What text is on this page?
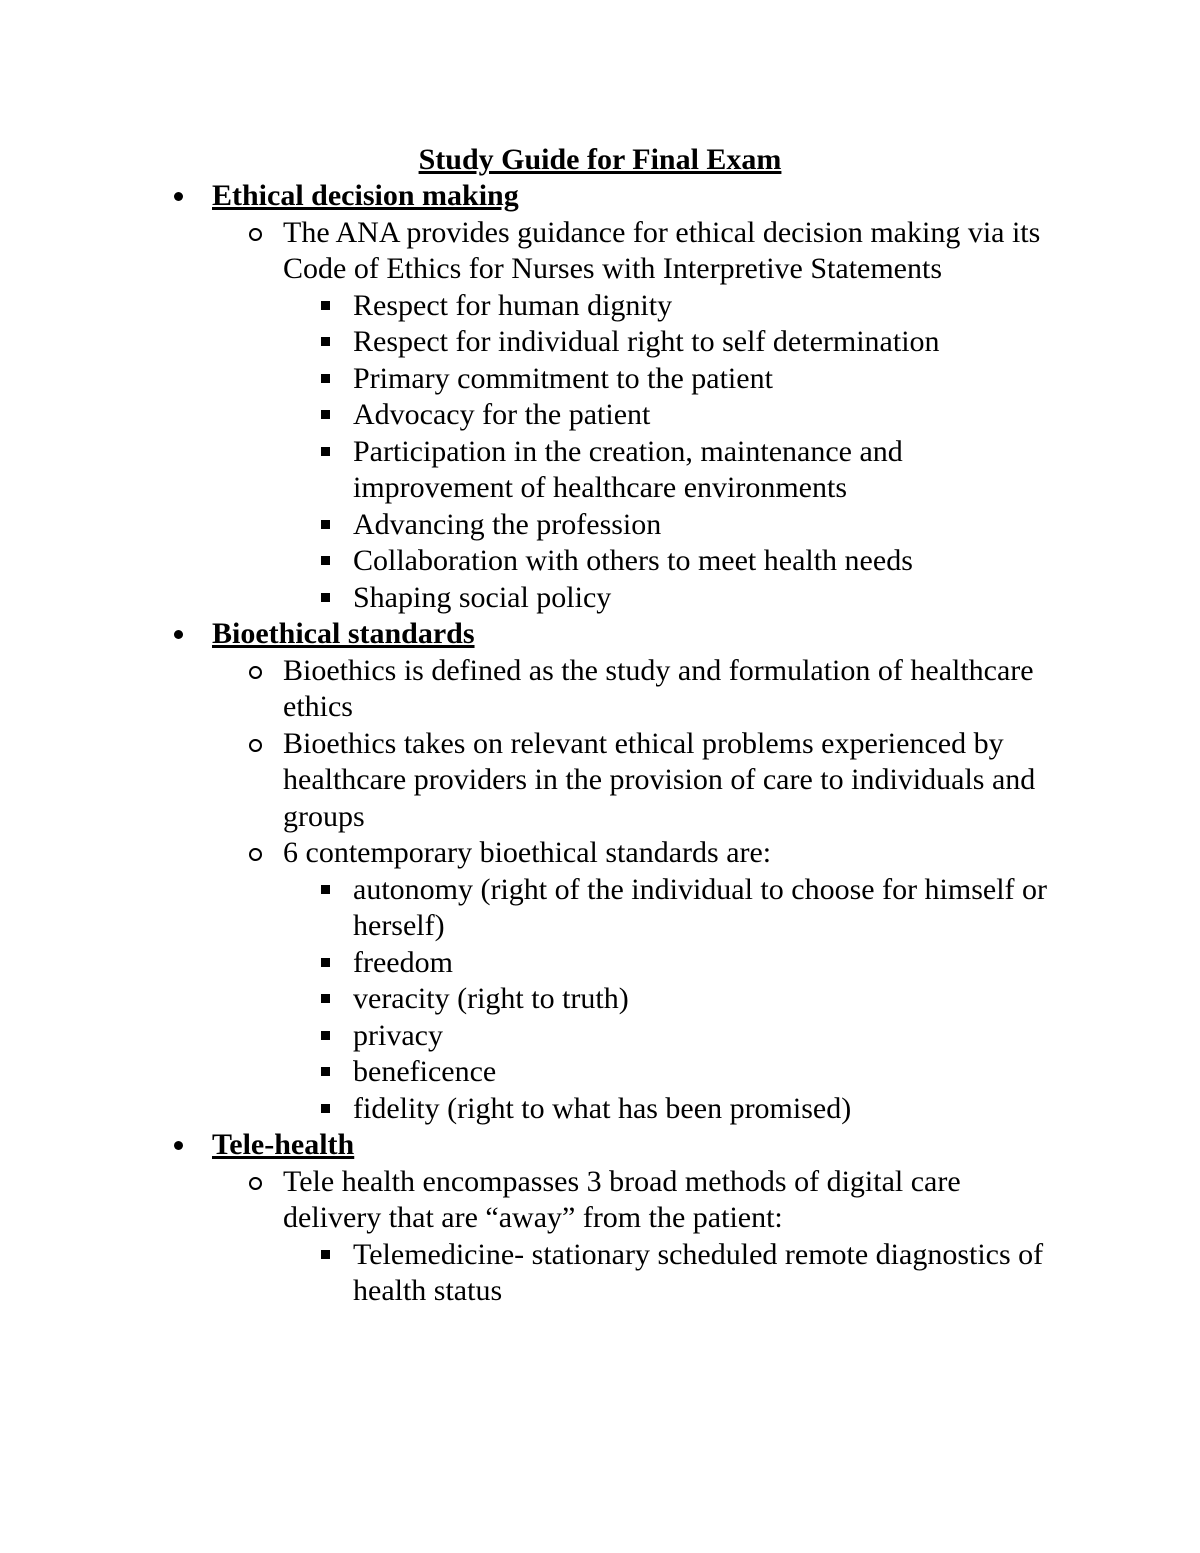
Study Guide for Final Exam
Ethical decision making
The ANA provides guidance for ethical decision making via its Code of Ethics for Nurses with Interpretive Statements
Respect for human dignity
Respect for individual right to self determination
Primary commitment to the patient
Advocacy for the patient
Participation in the creation, maintenance and improvement of healthcare environments
Advancing the profession
Collaboration with others to meet health needs
Shaping social policy
Bioethical standards
Bioethics is defined as the study and formulation of healthcare ethics
Bioethics takes on relevant ethical problems experienced by healthcare providers in the provision of care to individuals and groups
6 contemporary bioethical standards are:
autonomy (right of the individual to choose for himself or herself)
freedom
veracity (right to truth)
privacy
beneficence
fidelity (right to what has been promised)
Tele-health
Tele health encompasses 3 broad methods of digital care delivery that are “away” from the patient:
Telemedicine- stationary scheduled remote diagnostics of health status
